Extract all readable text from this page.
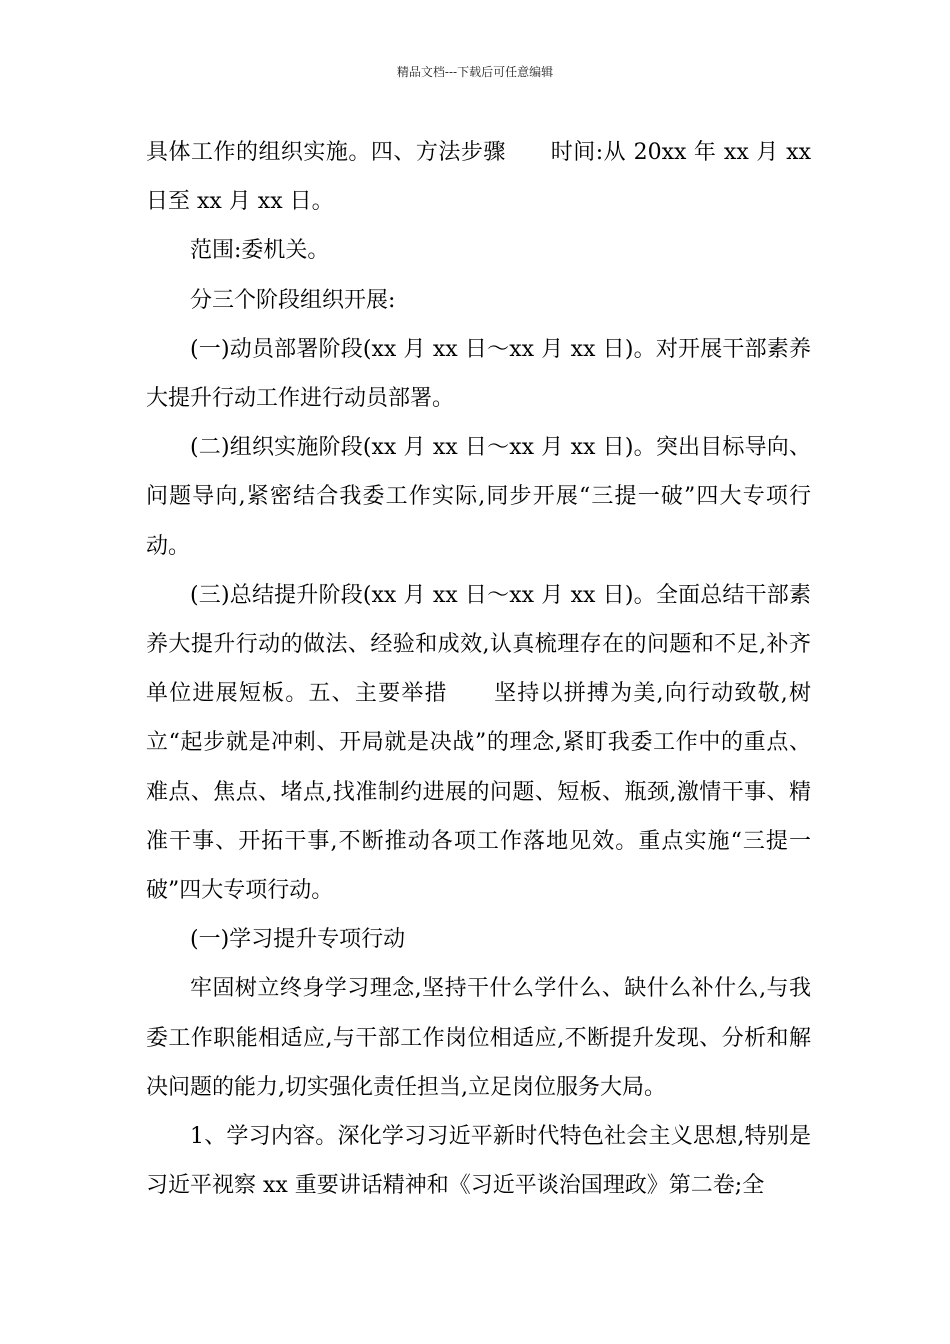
精品文档---下载后可任意编辑

具体工作的组织实施。四、方法步骤　　时间:从 20xx 年 xx 月 xx 日至 xx 月 xx 日。

范围:委机关。

分三个阶段组织开展:

(一)动员部署阶段(xx 月 xx 日～xx 月 xx 日)。对开展干部素养大提升行动工作进行动员部署。

(二)组织实施阶段(xx 月 xx 日～xx 月 xx 日)。突出目标导向、问题导向,紧密结合我委工作实际,同步开展“三提一破”四大专项行动。

(三)总结提升阶段(xx 月 xx 日～xx 月 xx 日)。全面总结干部素养大提升行动的做法、经验和成效,认真梳理存在的问题和不足,补齐单位进展短板。五、主要举措　　坚持以拼搏为美,向行动致敬,树立“起步就是冲刺、开局就是决战”的理念,紧盯我委工作中的重点、难点、焦点、堵点,找准制约进展的问题、短板、瓶颈,激情干事、精准干事、开拓干事,不断推动各项工作落地见效。重点实施“三提一破”四大专项行动。

(一)学习提升专项行动

牢固树立终身学习理念,坚持干什么学什么、缺什么补什么,与我委工作职能相适应,与干部工作岗位相适应,不断提升发现、分析和解决问题的能力,切实强化责任担当,立足岗位服务大局。

1、学习内容。深化学习习近平新时代特色社会主义思想,特别是习近平视察 xx 重要讲话精神和《习近平谈治国理政》第二卷;全
